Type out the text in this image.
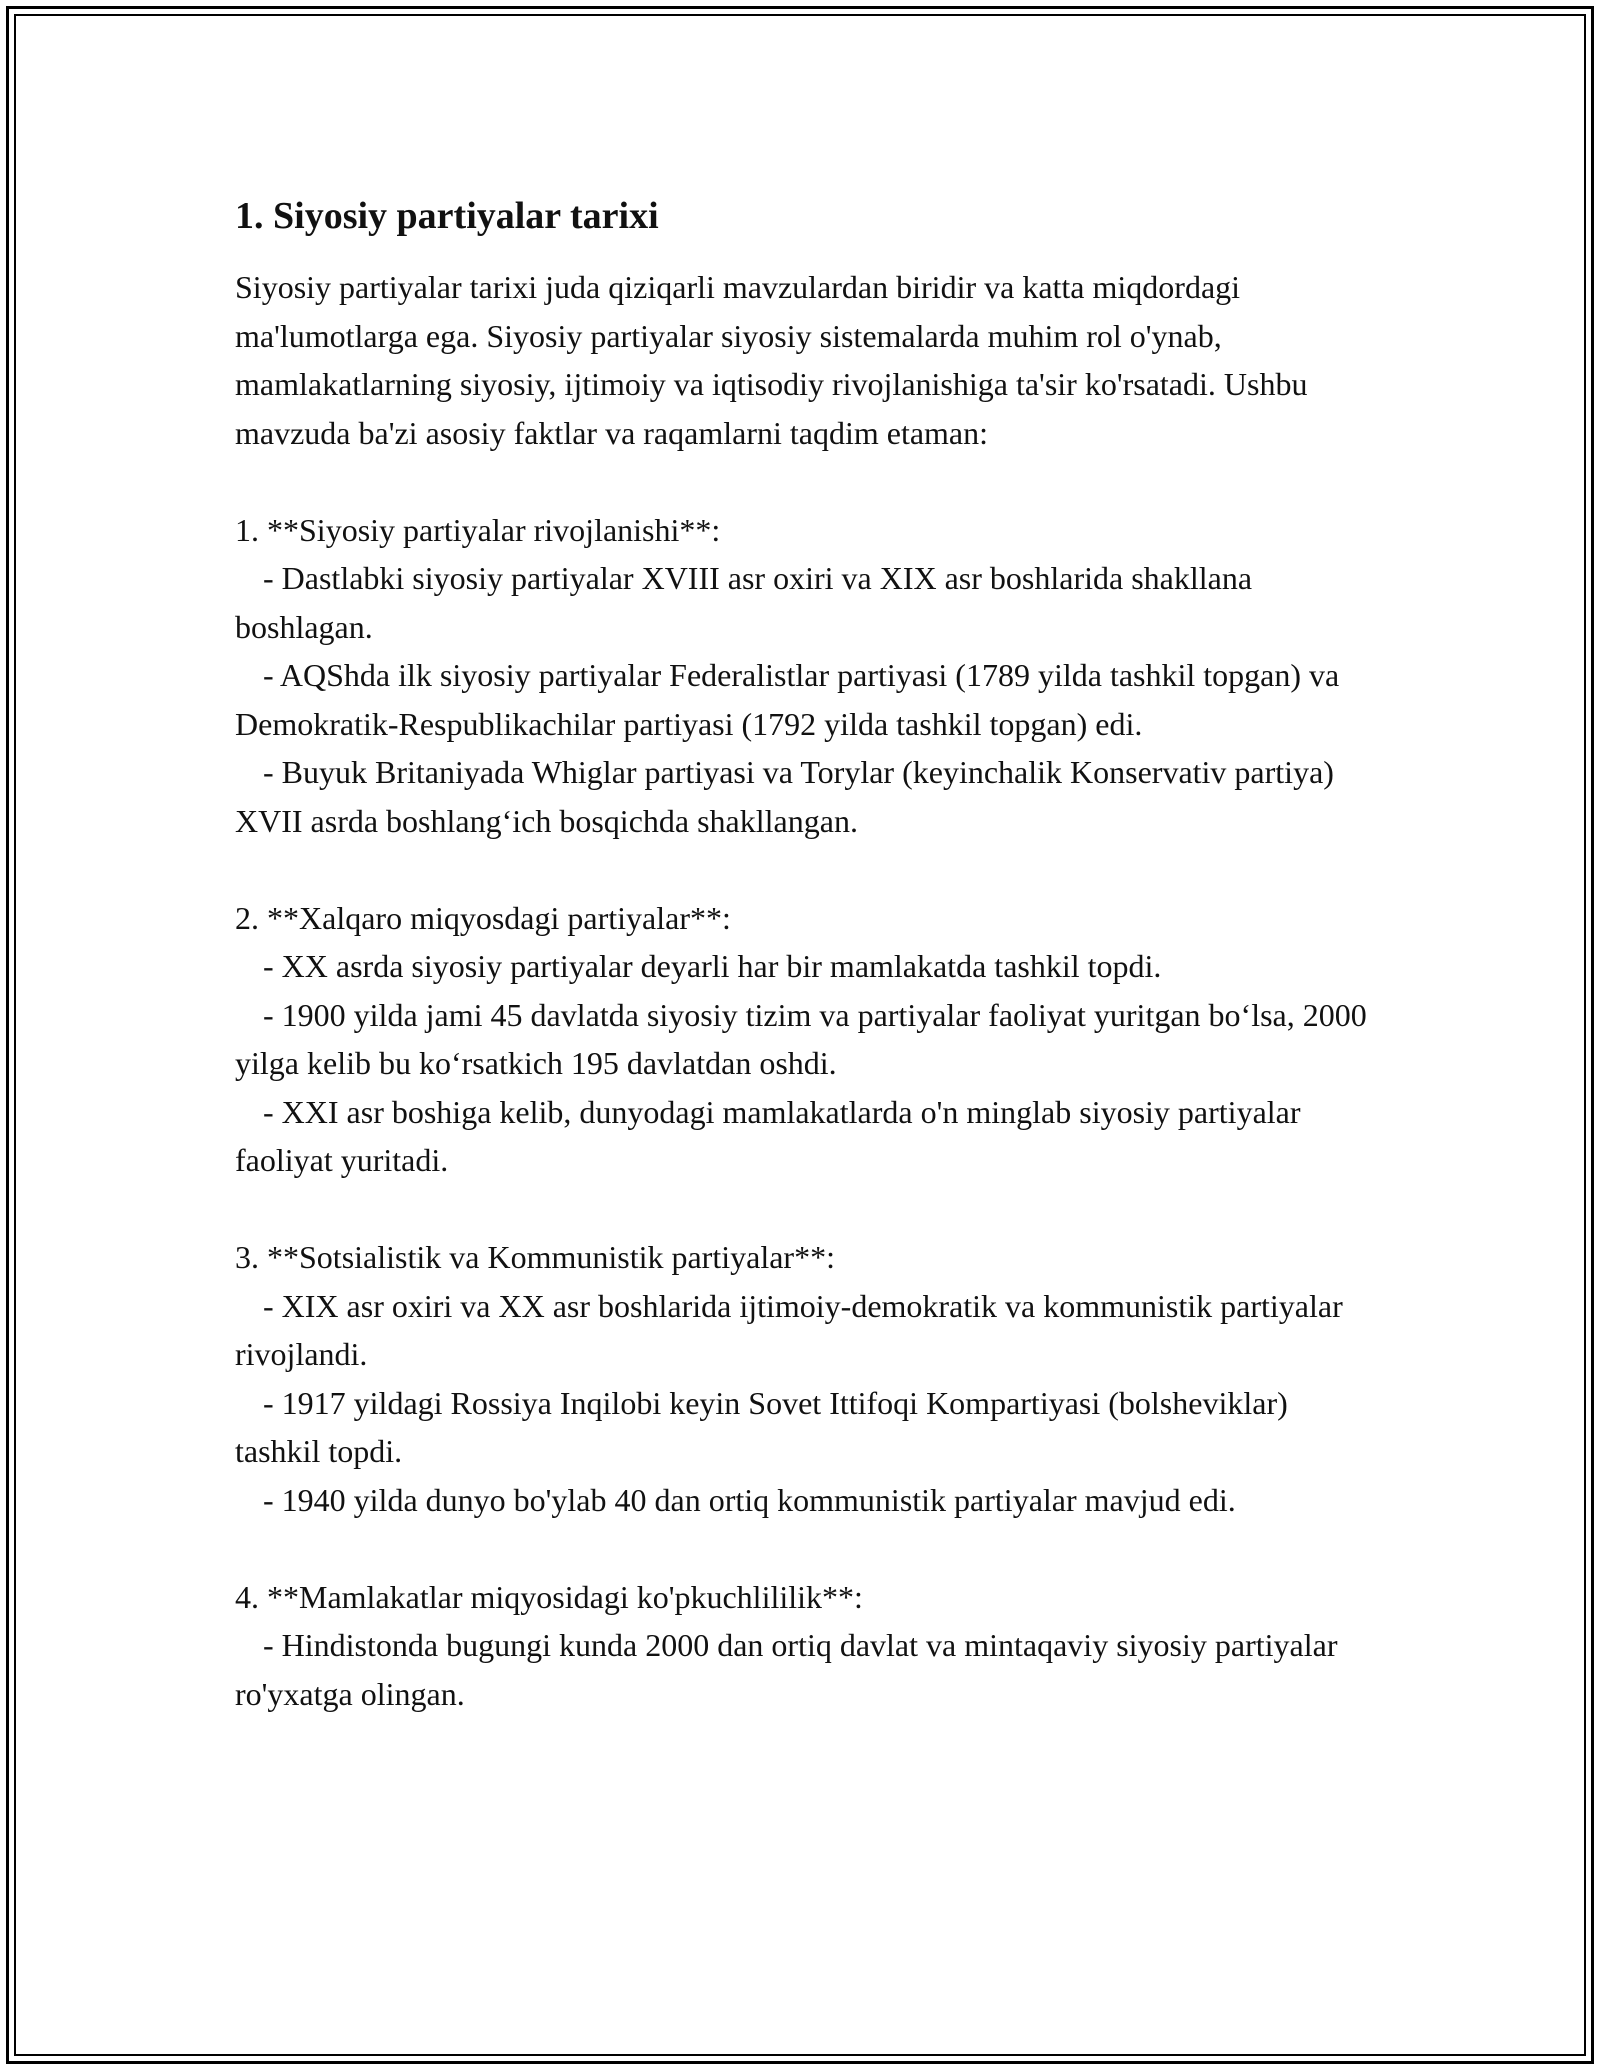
1. Siyosiy partiyalar tarixi

Siyosiy partiyalar tarixi juda qiziqarli mavzulardan biridir va katta miqdordagi ma'lumotlarga ega. Siyosiy partiyalar siyosiy sistemalarda muhim rol o'ynab, mamlakatlarning siyosiy, ijtimoiy va iqtisodiy rivojlanishiga ta'sir ko'rsatadi. Ushbu mavzuda ba'zi asosiy faktlar va raqamlarni taqdim etaman:

1. **Siyosiy partiyalar rivojlanishi**:

- Dastlabki siyosiy partiyalar XVIII asr oxiri va XIX asr boshlarida shakllana boshlagan.

- AQShda ilk siyosiy partiyalar Federalistlar partiyasi (1789 yilda tashkil topgan) va Demokratik-Respublikachilar partiyasi (1792 yilda tashkil topgan) edi.

- Buyuk Britaniyada Whiglar partiyasi va Torylar (keyinchalik Konservativ partiya) XVII asrda boshlang‘ich bosqichda shakllangan.

2. **Xalqaro miqyosdagi partiyalar**:

- XX asrda siyosiy partiyalar deyarli har bir mamlakatda tashkil topdi.

- 1900 yilda jami 45 davlatda siyosiy tizim va partiyalar faoliyat yuritgan bo‘lsa, 2000 yilga kelib bu ko‘rsatkich 195 davlatdan oshdi.

- XXI asr boshiga kelib, dunyodagi mamlakatlarda o'n minglab siyosiy partiyalar faoliyat yuritadi.

3. **Sotsialistik va Kommunistik partiyalar**:

- XIX asr oxiri va XX asr boshlarida ijtimoiy-demokratik va kommunistik partiyalar rivojlandi.

- 1917 yildagi Rossiya Inqilobi keyin Sovet Ittifoqi Kompartiyasi (bolsheviklar) tashkil topdi.

- 1940 yilda dunyo bo'ylab 40 dan ortiq kommunistik partiyalar mavjud edi.

4. **Mamlakatlar miqyosidagi ko'pkuchlililik**:

- Hindistonda bugungi kunda 2000 dan ortiq davlat va mintaqaviy siyosiy partiyalar ro'yxatga olingan.
